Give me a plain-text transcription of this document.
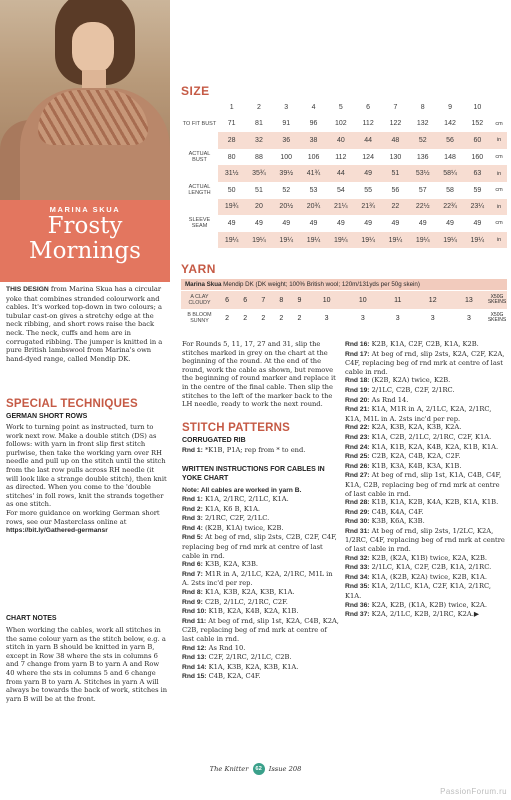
MARINA SKUA
Frosty
Mornings
SIZE
	1	2	3	4	5	6	7	8	9	10	
TO FIT BUST	71	81	91	96	102	112	122	132	142	152	cm
	28	32	36	38	40	44	48	52	56	60	in
ACTUAL BUST	80	88	100	106	112	124	130	136	148	160	cm
	31½	35¾	39½	41¾	44	49	51	53½	58¼	63	in
ACTUAL LENGTH	50	51	52	53	54	55	56	57	58	59	cm
	19¾	20	20½	20¾	21¼	21¾	22	22½	22¾	23¼	in
SLEEVE SEAM	49	49	49	49	49	49	49	49	49	49	cm
	19¼	19¼	19¼	19¼	19¼	19¼	19¼	19¼	19¼	19¼	in
YARN
Marina Skua Mendip DK (DK weight; 100% British wool; 120m/131yds per 50g skein)
A CLAY CLOUDY	6	6	7	8	9	10	10	11	12	13	X50G SKEINS
B BLOOM SUNNY	2	2	2	2	2	3	3	3	3	3	X50G SKEINS
THIS DESIGN from Marina Skua has a circular yoke that combines stranded colourwork and cables. It's worked top-down in two colours; a tubular cast-on gives a stretchy edge at the neck ribbing, and short rows raise the back neck. The neck, cuffs and hem are in corrugated ribbing. The jumper is knitted in a pure British lambswool from Marina's own hand-dyed range, called Mendip DK.
SPECIAL TECHNIQUES
GERMAN SHORT ROWS

Work to turning point as instructed, turn to work next row. Make a double stitch (DS) as follows: with yarn in front slip first stitch purlwise, then take the working yarn over RH needle and pull up on the stitch until the stitch from the last row pulls across RH needle (it will look like a strange double stitch), then knit as directed. When you come to the 'double stitches' in foll rows, knit the strands together as one stitch.

For more guidance on working German short rows, see our Masterclass online at https://bit.ly/Gathered-germansr

CHART NOTES
When working the cables, work all stitches in the same colour yarn as the stitch below, e.g. a stitch in yarn B should be knitted in yarn B, except in Row 38 where the sts in columns 6 and 7 change from yarn B to yarn A and Row 40 where the sts in columns 5 and 6 change from yarn B to yarn A. Stitches in yarn A will always be towards the back of work, stitches in yarn B will be at the front.
For Rounds 5, 11, 17, 27 and 31, slip the stitches marked in grey on the chart at the beginning of the round. At the end of the round, work the cable as shown, but remove the beginning of round marker and replace it in the centre of the final cable. Then slip the stitches to the left of the marker back to the LH needle, ready to work the next round.
STITCH PATTERNS
CORRUGATED RIB

Rnd 1: *K1B, P1A; rep from * to end.

WRITTEN INSTRUCTIONS FOR CABLES IN YOKE CHART
Note: All cables are worked in yarn B.

Rnd 1: K1A, 2/1RC, 2/1LC, K1A.

Rnd 2: K1A, K6 B, K1A.

Rnd 3: 2/1RC, C2F, 2/1LC.

Rnd 4: (K2B, K1A) twice, K2B.

Rnd 5: At beg of rnd, slip 2sts, C2B, C2F, C4F, replacing beg of rnd mrk at centre of last cable in rnd.

Rnd 6: K3B, K2A, K3B.

Rnd 7: M1R in A, 2/1LC, K2A, 2/1RC, M1L in A. 2sts inc'd per rep.

Rnd 8: K1A, K3B, K2A, K3B, K1A.

Rnd 9: C2B, 2/1LC, 2/1RC, C2F.

Rnd 10: K1B, K2A, K4B, K2A, K1B.

Rnd 11: At beg of rnd, slip 1st, K2A, C4B, K2A, C2B, replacing beg of rnd mrk at centre of last cable in rnd.

Rnd 12: As Rnd 10.

Rnd 13: C2F, 2/1RC, 2/1LC, C2B.

Rnd 14: K1A, K3B, K2A, K3B, K1A.

Rnd 15: C4B, K2A, C4F.

Rnd 16: K2B, K1A, C2F, C2B, K1A, K2B.

Rnd 17: At beg of rnd, slip 2sts, K2A, C2F, K2A, C4F, replacing beg of rnd mrk at centre of last cable in rnd.

Rnd 18: (K2B, K2A) twice, K2B.

Rnd 19: 2/1LC, C2B, C2F, 2/1RC.

Rnd 20: As Rnd 14.

Rnd 21: K1A, M1R in A, 2/1LC, K2A, 2/1RC, K1A, M1L in A. 2sts inc'd per rep.

Rnd 22: K2A, K3B, K2A, K3B, K2A.

Rnd 23: K1A, C2B, 2/1LC, 2/1RC, C2F, K1A.

Rnd 24: K1A, K1B, K2A, K4B, K2A, K1B, K1A.

Rnd 25: C2B, K2A, C4B, K2A, C2F.

Rnd 26: K1B, K3A, K4B, K3A, K1B.

Rnd 27: At beg of rnd, slip 1st, K1A, C4B, C4F, K1A, C2B, replacing beg of rnd mrk at centre of last cable in rnd.

Rnd 28: K1B, K1A, K2B, K4A, K2B, K1A, K1B.

Rnd 29: C4B, K4A, C4F.

Rnd 30: K3B, K6A, K3B.

Rnd 31: At beg of rnd, slip 2sts, 1/2LC, K2A, 1/2RC, C4F, replacing beg of rnd mrk at centre of last cable in rnd.

Rnd 32: K2B, (K2A, K1B) twice, K2A, K2B.

Rnd 33: 2/1LC, K1A, C2F, C2B, K1A, 2/1RC.

Rnd 34: K1A, (K2B, K2A) twice, K2B, K1A.

Rnd 35: K1A, 2/1LC, K1A, C2F, K1A, 2/1RC, K1A.

Rnd 36: K2A, K2B, (K1A, K2B) twice, K2A.

Rnd 37: K2A, 2/1LC, K2B, 2/1RC, K2A.▶

The Knitter 62 Issue 208
PassionForum.ru
